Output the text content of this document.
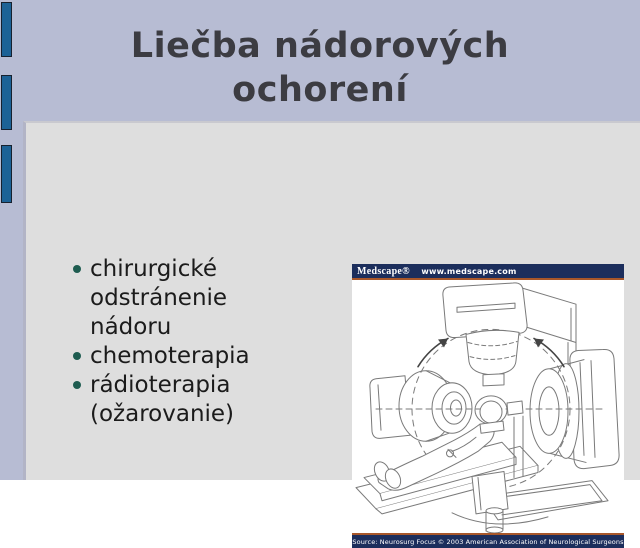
Liečba nádorových ochorení
chirurgické odstránenie nádoru
chemoterapia
rádioterapia (ožarovanie)
Medscape® www.medscape.com
Source: Neurosurg Focus © 2003 American Association of Neurological Surgeons
